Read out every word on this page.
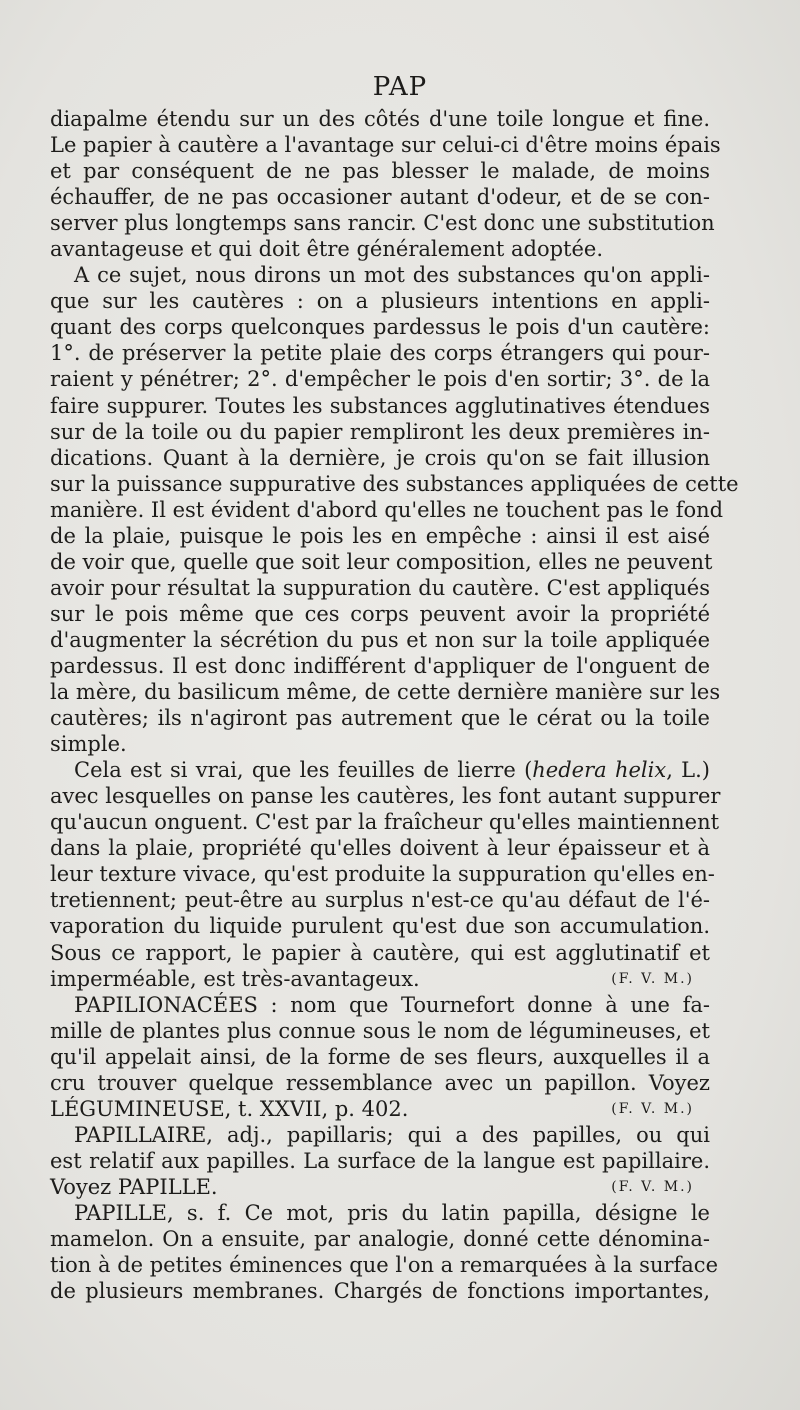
PAP
diapalme étendu sur un des côtés d'une toile longue et fine.
Le papier à cautère a l'avantage sur celui-ci d'être moins épais
et par conséquent de ne pas blesser le malade, de moins
échauffer, de ne pas occasioner autant d'odeur, et de se con-
server plus longtemps sans rancir. C'est donc une substitution
avantageuse et qui doit être généralement adoptée.
A ce sujet, nous dirons un mot des substances qu'on appli-
que sur les cautères : on a plusieurs intentions en appli-
quant des corps quelconques pardessus le pois d'un cautère:
1°. de préserver la petite plaie des corps étrangers qui pour-
raient y pénétrer; 2°. d'empêcher le pois d'en sortir; 3°. de la
faire suppurer. Toutes les substances agglutinatives étendues
sur de la toile ou du papier rempliront les deux premières in-
dications. Quant à la dernière, je crois qu'on se fait illusion
sur la puissance suppurative des substances appliquées de cette
manière. Il est évident d'abord qu'elles ne touchent pas le fond
de la plaie, puisque le pois les en empêche : ainsi il est aisé
de voir que, quelle que soit leur composition, elles ne peuvent
avoir pour résultat la suppuration du cautère. C'est appliqués
sur le pois même que ces corps peuvent avoir la propriété
d'augmenter la sécrétion du pus et non sur la toile appliquée
pardessus. Il est donc indifférent d'appliquer de l'onguent de
la mère, du basilicum même, de cette dernière manière sur les
cautères; ils n'agiront pas autrement que le cérat ou la toile
simple.
Cela est si vrai, que les feuilles de lierre (hedera helix, L.)
avec lesquelles on panse les cautères, les font autant suppurer
qu'aucun onguent. C'est par la fraîcheur qu'elles maintiennent
dans la plaie, propriété qu'elles doivent à leur épaisseur et à
leur texture vivace, qu'est produite la suppuration qu'elles en-
tretiennent; peut-être au surplus n'est-ce qu'au défaut de l'é-
vaporation du liquide purulent qu'est due son accumulation.
Sous ce rapport, le papier à cautère, qui est agglutinatif et
imperméable, est très-avantageux.	(F. V. M.)
PAPILIONACÉES : nom que Tournefort donne à une fa-
mille de plantes plus connue sous le nom de légumineuses, et
qu'il appelait ainsi, de la forme de ses fleurs, auxquelles il a
cru trouver quelque ressemblance avec un papillon. Voyez
LÉGUMINEUSE, t. XXVII, p. 402.	(F. V. M.)
PAPILLAIRE, adj., papillaris; qui a des papilles, ou qui
est relatif aux papilles. La surface de la langue est papillaire.
Voyez PAPILLE.	(F. V. M.)
PAPILLE, s. f. Ce mot, pris du latin papilla, désigne le
mamelon. On a ensuite, par analogie, donné cette dénomina-
tion à de petites éminences que l'on a remarquées à la surface
de plusieurs membranes. Chargés de fonctions importantes,
